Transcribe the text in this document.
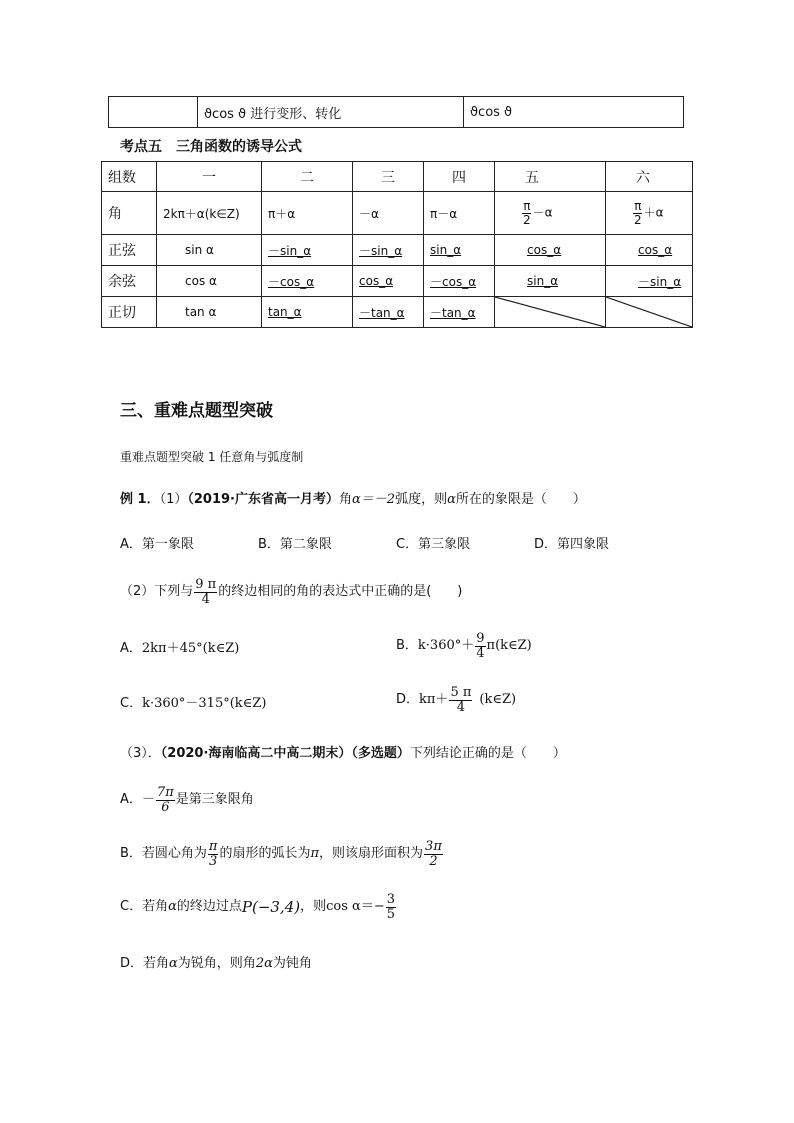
	ϑcos ϑ 进行变形、转化	ϑcos ϑ
考点五　三角函数的诱导公式
组数	一	二	三	四	五	六
角	2kπ＋α(k∈Z)	π＋α	－α	π－α	$\frac{\pi}{2} -\alpha$	$\frac{\pi}{2} +\alpha$
正弦	sin α	－sin_α	－sin_α	sin_α	cos_α	cos_α
余弦	cos α	－cos_α	cos_α	－cos_α	sin_α	－sin_α
正切	tan α	tan_α	－tan_α	－tan_α	

三、重难点题型突破
重难点题型突破 1 任意角与弧度制
例 1．（1）（2019·广东省高一月考）角α＝－2弧度，则α所在的象限是（　　）
A．第一象限	B．第二象限	C．第三象限	D．第四象限
（2）下列与 $\frac{9 \pi}{4}$ 的终边相同的角的表达式中正确的是(　　)
A．2kπ＋45°(k∈Z)	B． $k\cdot 360^\circ+ \frac{9}{4}$ π(k∈Z)
C．k·360°－315°(k∈Z)	D． $k\pi+ \frac{5 \pi}{4}$ (k∈Z)
（3）．（2020·海南临高二中高二期末）（多选题）下列结论正确的是（　　）
A． － $\frac{7\pi}{6}$ 是第三象限角
B．若圆心角为 $\frac{\pi}{3}$ 的扇形的弧长为 π ，则该扇形面积为 $\frac{3\pi}{2}$
C．若角 α 的终边过点 P(−3,4) ，则 $\cos \alpha=- \frac{3}{5}$
D．若角α为锐角，则角2α为钝角
